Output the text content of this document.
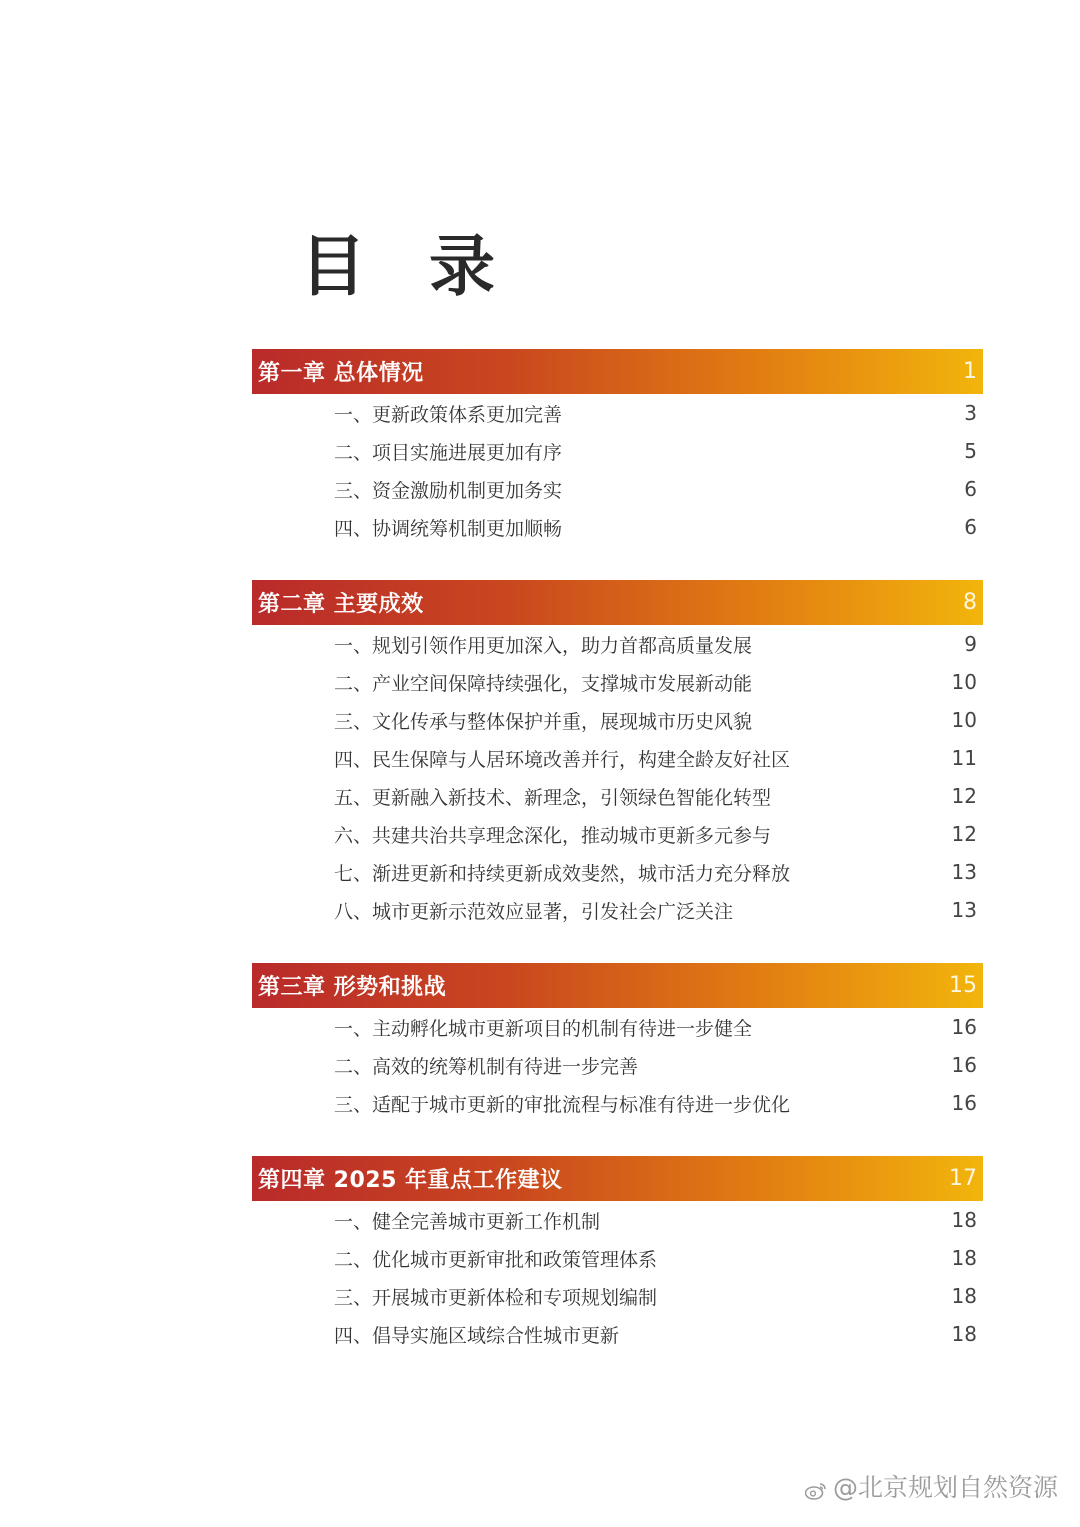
目 录
第一章 总体情况	1
一、更新政策体系更加完善	3
二、项目实施进展更加有序	5
三、资金激励机制更加务实	6
四、协调统筹机制更加顺畅	6
第二章 主要成效	8
一、规划引领作用更加深入，助力首都高质量发展	9
二、产业空间保障持续强化，支撑城市发展新动能	10
三、文化传承与整体保护并重，展现城市历史风貌	10
四、民生保障与人居环境改善并行，构建全龄友好社区	11
五、更新融入新技术、新理念，引领绿色智能化转型	12
六、共建共治共享理念深化，推动城市更新多元参与	12
七、渐进更新和持续更新成效斐然，城市活力充分释放	13
八、城市更新示范效应显著，引发社会广泛关注	13
第三章 形势和挑战	15
一、主动孵化城市更新项目的机制有待进一步健全	16
二、高效的统筹机制有待进一步完善	16
三、适配于城市更新的审批流程与标准有待进一步优化	16
第四章 2025 年重点工作建议	17
一、健全完善城市更新工作机制	18
二、优化城市更新审批和政策管理体系	18
三、开展城市更新体检和专项规划编制	18
四、倡导实施区域综合性城市更新	18
@北京规划自然资源
